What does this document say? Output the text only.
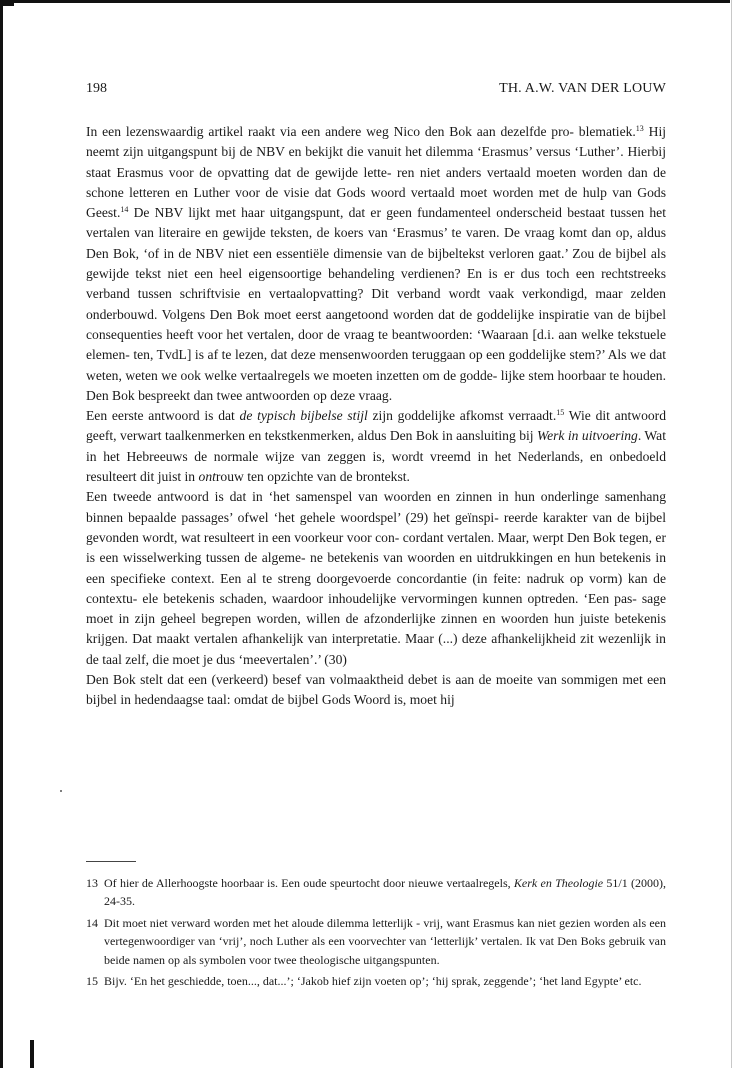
198	TH. A.W. VAN DER LOUW

In een lezenswaardig artikel raakt via een andere weg Nico den Bok aan dezelfde pro- blematiek.$^{13}$ Hij neemt zijn uitgangspunt bij de NBV en bekijkt die vanuit het dilemma ‘Erasmus’ versus ‘Luther’. Hierbij staat Erasmus voor de opvatting dat de gewijde lette- ren niet anders vertaald moeten worden dan de schone letteren en Luther voor de visie dat Gods woord vertaald moet worden met de hulp van Gods Geest.$^{14}$ De NBV lijkt met haar uitgangspunt, dat er geen fundamenteel onderscheid bestaat tussen het vertalen van literaire en gewijde teksten, de koers van ‘Erasmus’ te varen. De vraag komt dan op, aldus Den Bok, ‘of in de NBV niet een essentiële dimensie van de bijbeltekst verloren gaat.’ Zou de bijbel als gewijde tekst niet een heel eigensoortige behandeling verdienen? En is er dus toch een rechtstreeks verband tussen schriftvisie en vertaalopvatting? Dit verband wordt vaak verkondigd, maar zelden onderbouwd. Volgens Den Bok moet eerst aangetoond worden dat de goddelijke inspiratie van de bijbel consequenties heeft voor het vertalen, door de vraag te beantwoorden: ‘Waaraan [d.i. aan welke tekstuele elemen- ten, TvdL] is af te lezen, dat deze mensenwoorden teruggaan op een goddelijke stem?’ Als we dat weten, weten we ook welke vertaalregels we moeten inzetten om de godde- lijke stem hoorbaar te houden. Den Bok bespreekt dan twee antwoorden op deze vraag.

Een eerste antwoord is dat de typisch bijbelse stijl zijn goddelijke afkomst verraadt.$^{15}$ Wie dit antwoord geeft, verwart taalkenmerken en tekstkenmerken, aldus Den Bok in aansluiting bij Werk in uitvoering. Wat in het Hebreeuws de normale wijze van zeggen is, wordt vreemd in het Nederlands, en onbedoeld resulteert dit juist in ontrouw ten opzichte van de brontekst.

Een tweede antwoord is dat in ‘het samenspel van woorden en zinnen in hun onderlinge samenhang binnen bepaalde passages’ ofwel ‘het gehele woordspel’ (29) het geïnspi- reerde karakter van de bijbel gevonden wordt, wat resulteert in een voorkeur voor con- cordant vertalen. Maar, werpt Den Bok tegen, er is een wisselwerking tussen de algeme- ne betekenis van woorden en uitdrukkingen en hun betekenis in een specifieke context. Een al te streng doorgevoerde concordantie (in feite: nadruk op vorm) kan de contextu- ele betekenis schaden, waardoor inhoudelijke vervormingen kunnen optreden. ‘Een pas- sage moet in zijn geheel begrepen worden, willen de afzonderlijke zinnen en woorden hun juiste betekenis krijgen. Dat maakt vertalen afhankelijk van interpretatie. Maar (...) deze afhankelijkheid zit wezenlijk in de taal zelf, die moet je dus ‘meevertalen’.’ (30)

Den Bok stelt dat een (verkeerd) besef van volmaaktheid debet is aan de moeite van sommigen met een bijbel in hedendaagse taal: omdat de bijbel Gods Woord is, moet hij

13 Of hier de Allerhoogste hoorbaar is. Een oude speurtocht door nieuwe vertaalregels, Kerk en Theologie 51/1 (2000), 24-35.
14 Dit moet niet verward worden met het aloude dilemma letterlijk - vrij, want Erasmus kan niet gezien worden als een vertegenwoordiger van ‘vrij’, noch Luther als een voorvechter van ‘letterlijk’ vertalen. Ik vat Den Boks gebruik van beide namen op als symbolen voor twee theologische uitgangspunten.
15 Bijv. ‘En het geschiedde, toen..., dat...’; ‘Jakob hief zijn voeten op’; ‘hij sprak, zeggende’; ‘het land Egypte’ etc.
